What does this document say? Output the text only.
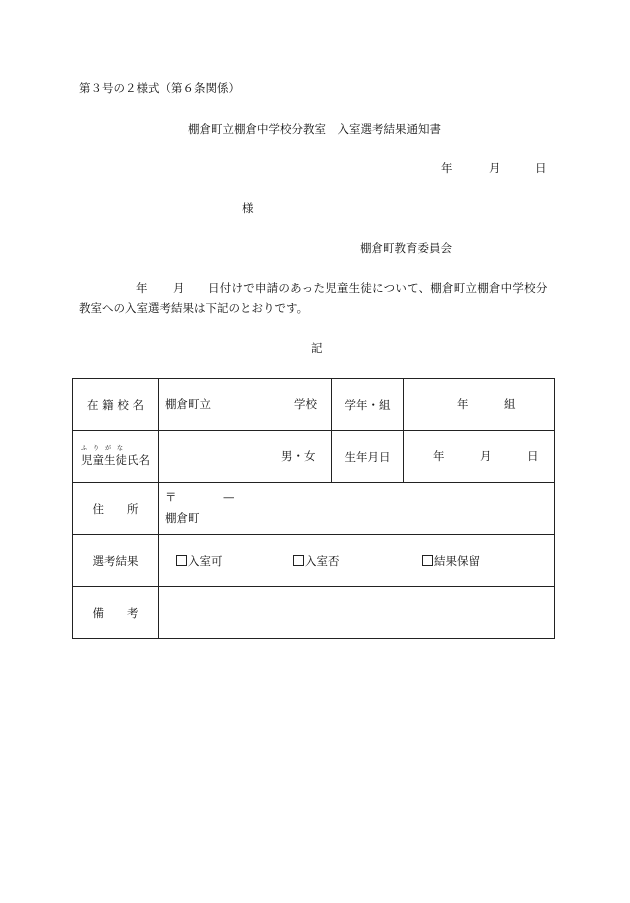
第３号の２様式（第６条関係）
棚倉町立棚倉中学校分教室　入室選考結果通知書
年	月	日
様
棚倉町教育委員会
年 月 日付けで申請のあった児童生徒について、棚倉町立棚倉中学校分
教室への入室選考結果は下記のとおりです。
記
在 籍 校 名	棚倉町立 学校	学年・組	年 組

ふ　り　が　な
児童生徒氏名	男・女	生年月日	年 月 日

住　所	〒 —
棚倉町		

選考結果	入室可 入室否 結果保留		

備　考			
